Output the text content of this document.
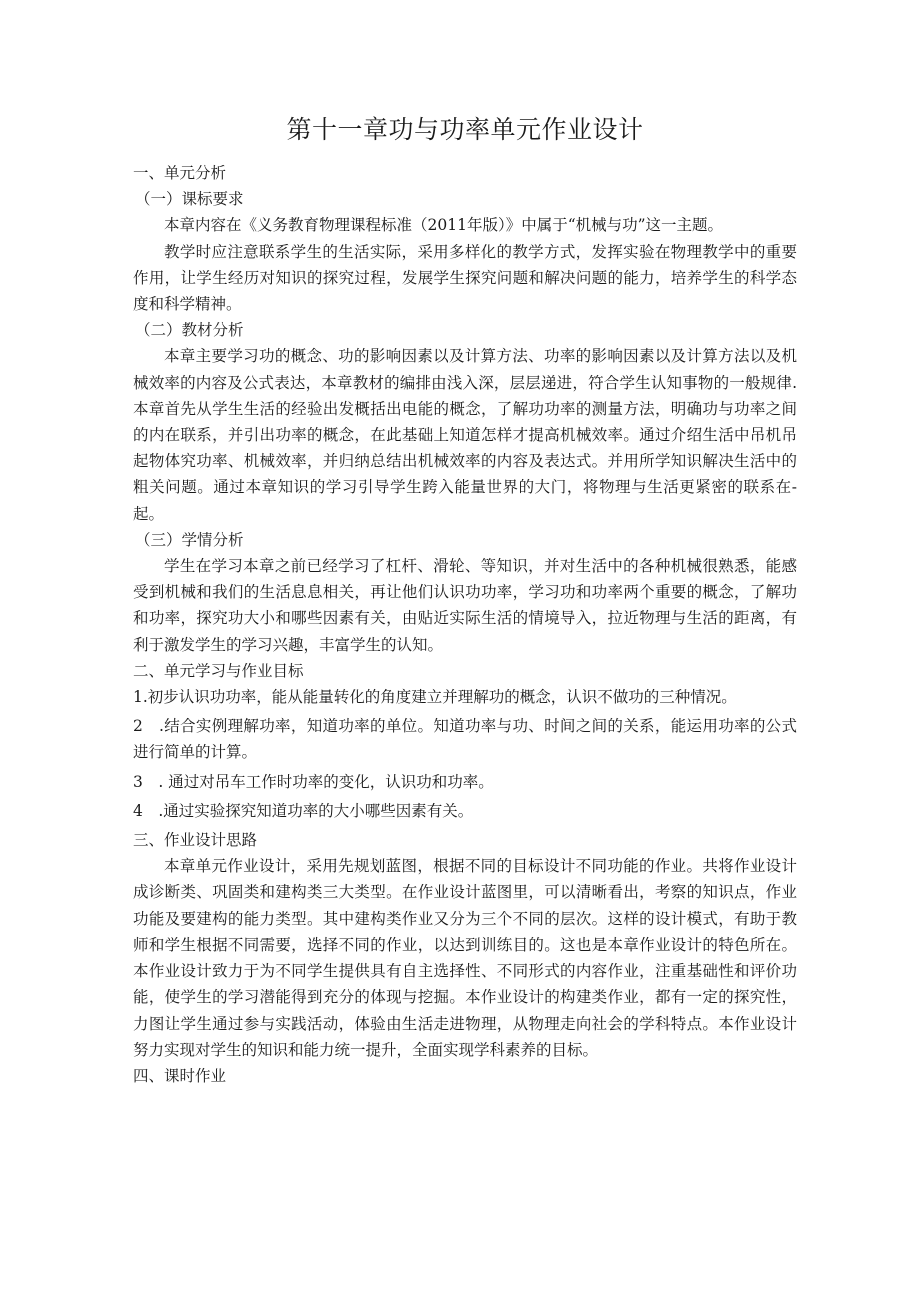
第十一章功与功率单元作业设计

一、单元分析

（一）课标要求

本章内容在《义务教育物理课程标准（2011年版）》中属于“机械与功”这一主题。

教学时应注意联系学生的生活实际，采用多样化的教学方式，发挥实验在物理教学中的重要作用，让学生经历对知识的探究过程，发展学生探究问题和解决问题的能力，培养学生的科学态度和科学精神。

（二）教材分析

本章主要学习功的概念、功的影响因素以及计算方法、功率的影响因素以及计算方法以及机械效率的内容及公式表达，本章教材的编排由浅入深，层层递进，符合学生认知事物的一般规律.本章首先从学生生活的经验出发概括出电能的概念，了解功功率的测量方法，明确功与功率之间的内在联系，并引出功率的概念，在此基础上知道怎样才提高机械效率。通过介绍生活中吊机吊起物体究功率、机械效率，并归纳总结出机械效率的内容及表达式。并用所学知识解决生活中的粗关问题。通过本章知识的学习引导学生跨入能量世界的大门，将物理与生活更紧密的联系在-起。

（三）学情分析

学生在学习本章之前已经学习了杠杆、滑轮、等知识，并对生活中的各种机械很熟悉，能感受到机械和我们的生活息息相关，再让他们认识功功率，学习功和功率两个重要的概念，了解功和功率，探究功大小和哪些因素有关，由贴近实际生活的情境导入，拉近物理与生活的距离，有利于激发学生的学习兴趣，丰富学生的认知。

二、单元学习与作业目标

1.初步认识功功率，能从能量转化的角度建立并理解功的概念，认识不做功的三种情况。

2　.结合实例理解功率，知道功率的单位。知道功率与功、时间之间的关系，能运用功率的公式进行简单的计算。

3　. 通过对吊车工作时功率的变化，认识功和功率。

4　.通过实验探究知道功率的大小哪些因素有关。

三、作业设计思路

本章单元作业设计，采用先规划蓝图，根据不同的目标设计不同功能的作业。共将作业设计成诊断类、巩固类和建构类三大类型。在作业设计蓝图里，可以清晰看出，考察的知识点，作业功能及要建构的能力类型。其中建构类作业又分为三个不同的层次。这样的设计模式，有助于教师和学生根据不同需要，选择不同的作业，以达到训练目的。这也是本章作业设计的特色所在。本作业设计致力于为不同学生提供具有自主选择性、不同形式的内容作业，注重基础性和评价功能，使学生的学习潜能得到充分的体现与挖掘。本作业设计的构建类作业，都有一定的探究性，力图让学生通过参与实践活动，体验由生活走进物理，从物理走向社会的学科特点。本作业设计努力实现对学生的知识和能力统一提升，全面实现学科素养的目标。

四、课时作业
